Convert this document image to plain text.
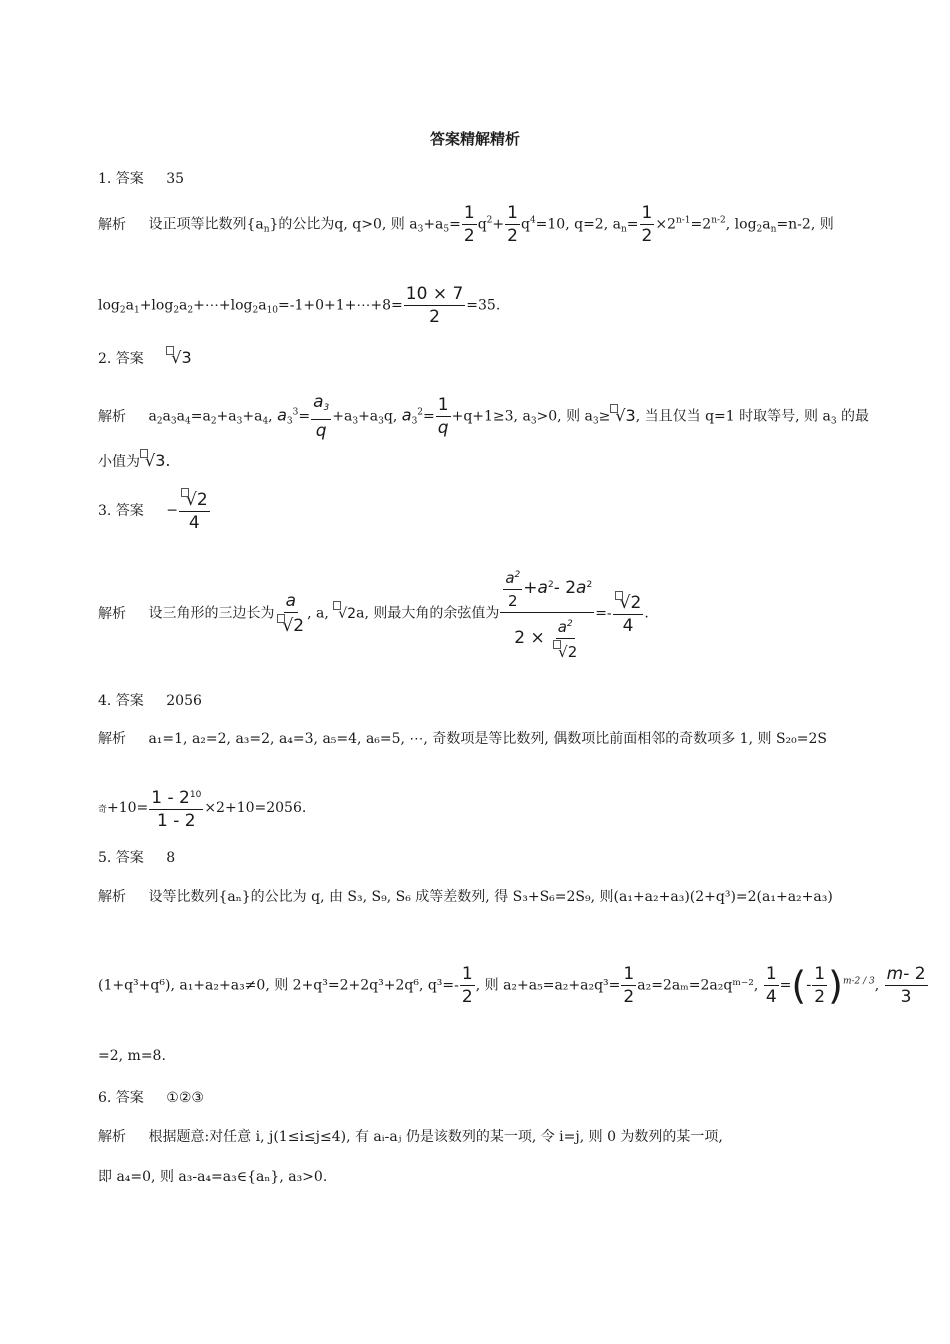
答案精解精析
1. 答案 35
解析 设正项等比数列$\{a_n\}$的公比为q, q>0, 则 $a_3+a_5= \frac{1}{2} q^2+ \frac{1}{2} q^4=10$, q=2, $a_n= \frac{1}{2} \times 2^{n-1}=2^{n-2}$, $\log_2a_n=n-2$, 则
$\log_2a_1+\log_2a_2+\cdots+\log_2a_{10}=-1+0+1+\cdots+8= \frac{10 \times 7}{2} =35$.
2. 答案 √3
解析 $a_2a_3a_4=a_2+a_3+a_4$, $a_3^3= \frac{a_3}{q} +a_3+a_3q$, $a_3^2= \frac{1}{q} +q+1\ge 3$, $a_3>0$, 则 $a_3\ge √3$, 当且仅当 q=1 时取等号, 则 $a_3$ 的最
小值为 √3.
3. 答案 − $\frac{√2}{4}$
解析 设三角形的三边长为 $\frac{a}{√2}$ , a, √2a, 则最大角的余弦值为 $\frac{\frac{a^2}{2} +a^2- 2a^2}{2 \times \frac{a^2}{√2}} =- \frac{√2}{4}$ .
4. 答案 2056
解析 a₁=1, a₂=2, a₃=2, a₄=3, a₅=4, a₆=5, ⋯, 奇数项是等比数列, 偶数项比前面相邻的奇数项多 1, 则 S₂₀=2S
奇$+10= \frac{1 - 2^{10}}{1 - 2} \times 2+10=2056$.
5. 答案 8
解析 设等比数列{aₙ}的公比为 q, 由 S₃, S₉, S₆ 成等差数列, 得 S₃+S₆=2S₉, 则(a₁+a₂+a₃)(2+q³)=2(a₁+a₂+a₃)
(1+q³+q⁶), a₁+a₂+a₃≠0, 则 2+q³=2+2q³+2q⁶, $q^3=- \frac{1}{2}$ , 则 $a_2+a_5=a_2+a_2q^3= \frac{1}{2}$ a₂=2aₘ=2a₂qᵐ⁻², $\frac{1}{4}$ =(- $\frac{1}{2} )^{m-2 / 3}$, $\frac{m- 2}{3}$
=2, m=8.
6. 答案 ①②③
解析 根据题意:对任意 i, j(1≤i≤j≤4), 有 aᵢ-aⱼ 仍是该数列的某一项, 令 i=j, 则 0 为数列的某一项,
即 a₄=0, 则 a₃-a₄=a₃∈{aₙ}, a₃>0.
